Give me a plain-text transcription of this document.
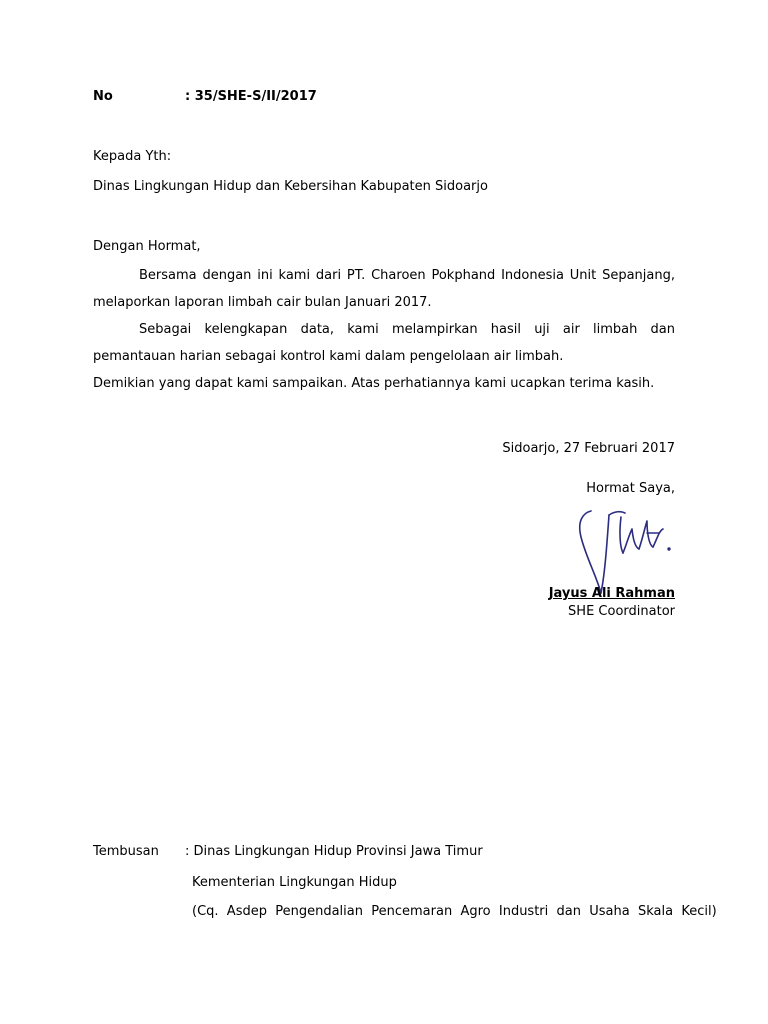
No	: 35/SHE-S/II/2017
Kepada Yth:
Dinas Lingkungan Hidup dan Kebersihan Kabupaten Sidoarjo
Dengan Hormat,
Bersama dengan ini kami dari PT. Charoen Pokphand Indonesia Unit Sepanjang, melaporkan laporan limbah cair bulan Januari 2017.
Sebagai kelengkapan data, kami melampirkan hasil uji air limbah dan pemantauan harian sebagai kontrol kami dalam pengelolaan air limbah.
Demikian yang dapat kami sampaikan. Atas perhatiannya kami ucapkan terima kasih.
Sidoarjo, 27 Februari 2017
Hormat Saya,
Jayus Ali Rahman
SHE Coordinator
Tembusan : Dinas Lingkungan Hidup Provinsi Jawa Timur
Kementerian Lingkungan Hidup
(Cq.  Asdep  Pengendalian  Pencemaran  Agro  Industri  dan  Usaha  Skala  Kecil)
